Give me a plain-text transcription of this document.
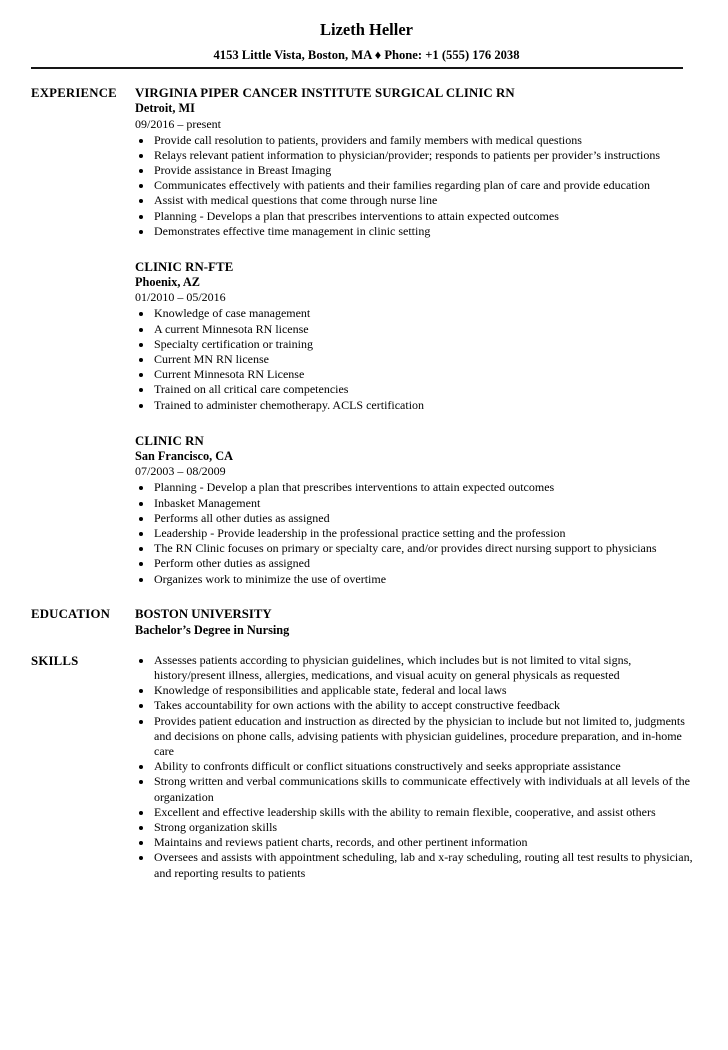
Lizeth Heller
4153 Little Vista, Boston, MA ♦ Phone: +1 (555) 176 2038
EXPERIENCE	VIRGINIA PIPER CANCER INSTITUTE SURGICAL CLINIC RN
Detroit, MI
09/2016 – present
• Provide call resolution to patients, providers and family members with medical questions
• Relays relevant patient information to physician/provider; responds to patients per provider’s instructions
• Provide assistance in Breast Imaging
• Communicates effectively with patients and their families regarding plan of care and provide education
• Assist with medical questions that come through nurse line
• Planning - Develops a plan that prescribes interventions to attain expected outcomes
• Demonstrates effective time management in clinic setting
CLINIC RN-FTE
Phoenix, AZ
01/2010 – 05/2016
• Knowledge of case management
• A current Minnesota RN license
• Specialty certification or training
• Current MN RN license
• Current Minnesota RN License
• Trained on all critical care competencies
• Trained to administer chemotherapy. ACLS certification
CLINIC RN
San Francisco, CA
07/2003 – 08/2009
• Planning - Develop a plan that prescribes interventions to attain expected outcomes
• Inbasket Management
• Performs all other duties as assigned
• Leadership - Provide leadership in the professional practice setting and the profession
• The RN Clinic focuses on primary or specialty care, and/or provides direct nursing support to physicians
• Perform other duties as assigned
• Organizes work to minimize the use of overtime
EDUCATION	BOSTON UNIVERSITY
Bachelor’s Degree in Nursing
SKILLS	• Assesses patients according to physician guidelines, which includes but is not limited to vital signs, history/present illness, allergies, medications, and visual acuity on general physicals as requested
• Knowledge of responsibilities and applicable state, federal and local laws
• Takes accountability for own actions with the ability to accept constructive feedback
• Provides patient education and instruction as directed by the physician to include but not limited to, judgments and decisions on phone calls, advising patients with physician guidelines, procedure preparation, and in-home care
• Ability to confronts difficult or conflict situations constructively and seeks appropriate assistance
• Strong written and verbal communications skills to communicate effectively with individuals at all levels of the organization
• Excellent and effective leadership skills with the ability to remain flexible, cooperative, and assist others
• Strong organization skills
• Maintains and reviews patient charts, records, and other pertinent information
• Oversees and assists with appointment scheduling, lab and x-ray scheduling, routing all test results to physician, and reporting results to patients
